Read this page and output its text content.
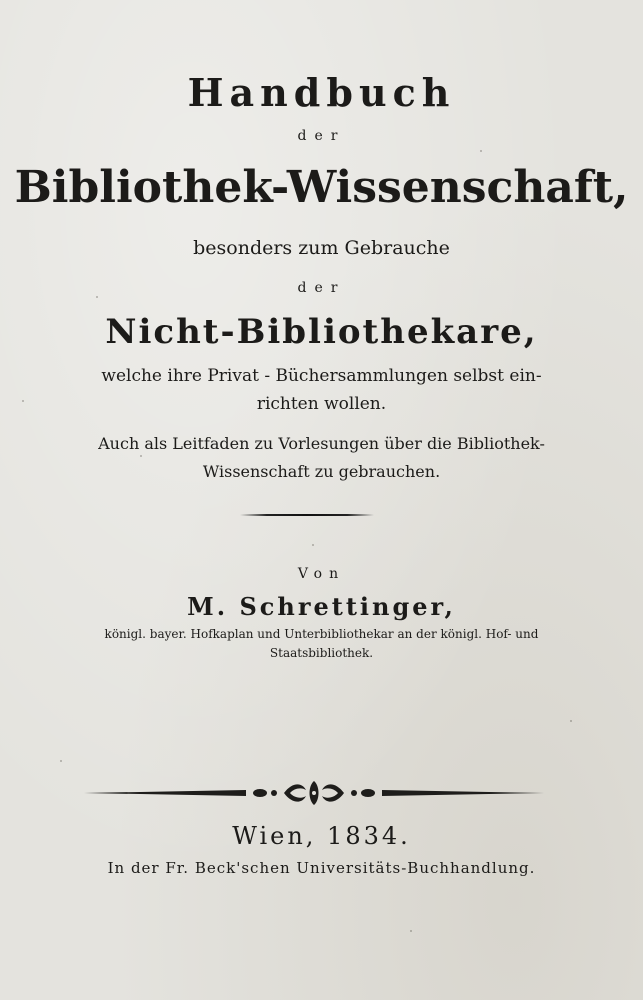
Handbuch
der
Bibliothek-Wissenschaft,
besonders zum Gebrauche
der
Nicht-Bibliothekare,
welche ihre Privat - Büchersammlungen selbst ein-
richten wollen.
Auch als Leitfaden zu Vorlesungen über die Bibliothek-
Wissenschaft zu gebrauchen.
Von
M. Schrettinger,
königl. bayer. Hofkaplan und Unterbibliothekar an der königl. Hof- und
Staatsbibliothek.
Wien, 1834.
In der Fr. Beck'schen Universitäts-Buchhandlung.
